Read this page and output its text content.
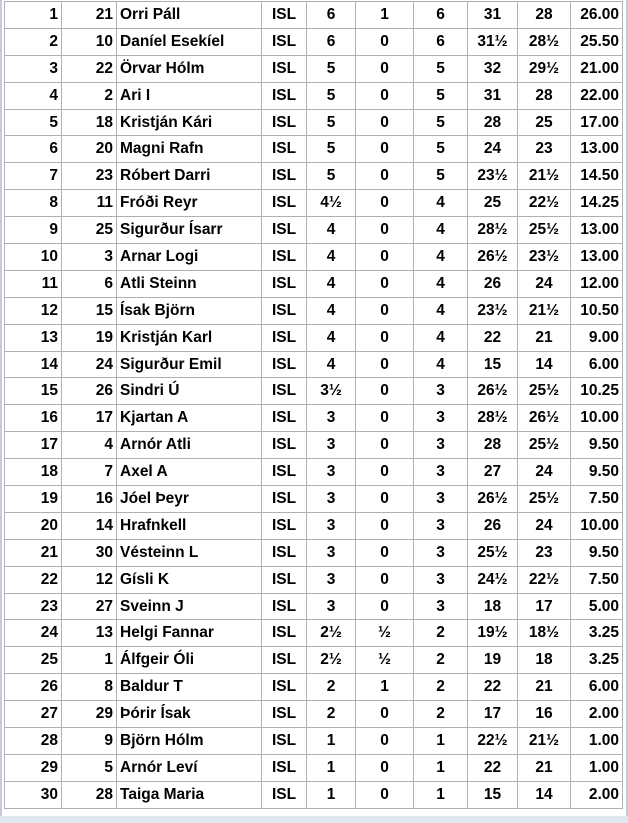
1	21	Orri Páll	ISL	6	1	6	31	28	26.00
2	10	Daníel Esekíel	ISL	6	0	6	31½	28½	25.50
3	22	Örvar Hólm	ISL	5	0	5	32	29½	21.00
4	2	Ari I	ISL	5	0	5	31	28	22.00
5	18	Kristján Kári	ISL	5	0	5	28	25	17.00
6	20	Magni Rafn	ISL	5	0	5	24	23	13.00
7	23	Róbert Darri	ISL	5	0	5	23½	21½	14.50
8	11	Fróði Reyr	ISL	4½	0	4	25	22½	14.25
9	25	Sigurður Ísarr	ISL	4	0	4	28½	25½	13.00
10	3	Arnar Logi	ISL	4	0	4	26½	23½	13.00
11	6	Atli Steinn	ISL	4	0	4	26	24	12.00
12	15	Ísak Björn	ISL	4	0	4	23½	21½	10.50
13	19	Kristján Karl	ISL	4	0	4	22	21	9.00
14	24	Sigurður Emil	ISL	4	0	4	15	14	6.00
15	26	Sindri Ú	ISL	3½	0	3	26½	25½	10.25
16	17	Kjartan A	ISL	3	0	3	28½	26½	10.00
17	4	Arnór Atli	ISL	3	0	3	28	25½	9.50
18	7	Axel A	ISL	3	0	3	27	24	9.50
19	16	Jóel Þeyr	ISL	3	0	3	26½	25½	7.50
20	14	Hrafnkell	ISL	3	0	3	26	24	10.00
21	30	Vésteinn L	ISL	3	0	3	25½	23	9.50
22	12	Gísli K	ISL	3	0	3	24½	22½	7.50
23	27	Sveinn J	ISL	3	0	3	18	17	5.00
24	13	Helgi Fannar	ISL	2½	½	2	19½	18½	3.25
25	1	Álfgeir Óli	ISL	2½	½	2	19	18	3.25
26	8	Baldur T	ISL	2	1	2	22	21	6.00
27	29	Þórir Ísak	ISL	2	0	2	17	16	2.00
28	9	Björn Hólm	ISL	1	0	1	22½	21½	1.00
29	5	Arnór Leví	ISL	1	0	1	22	21	1.00
30	28	Taiga Maria	ISL	1	0	1	15	14	2.00
